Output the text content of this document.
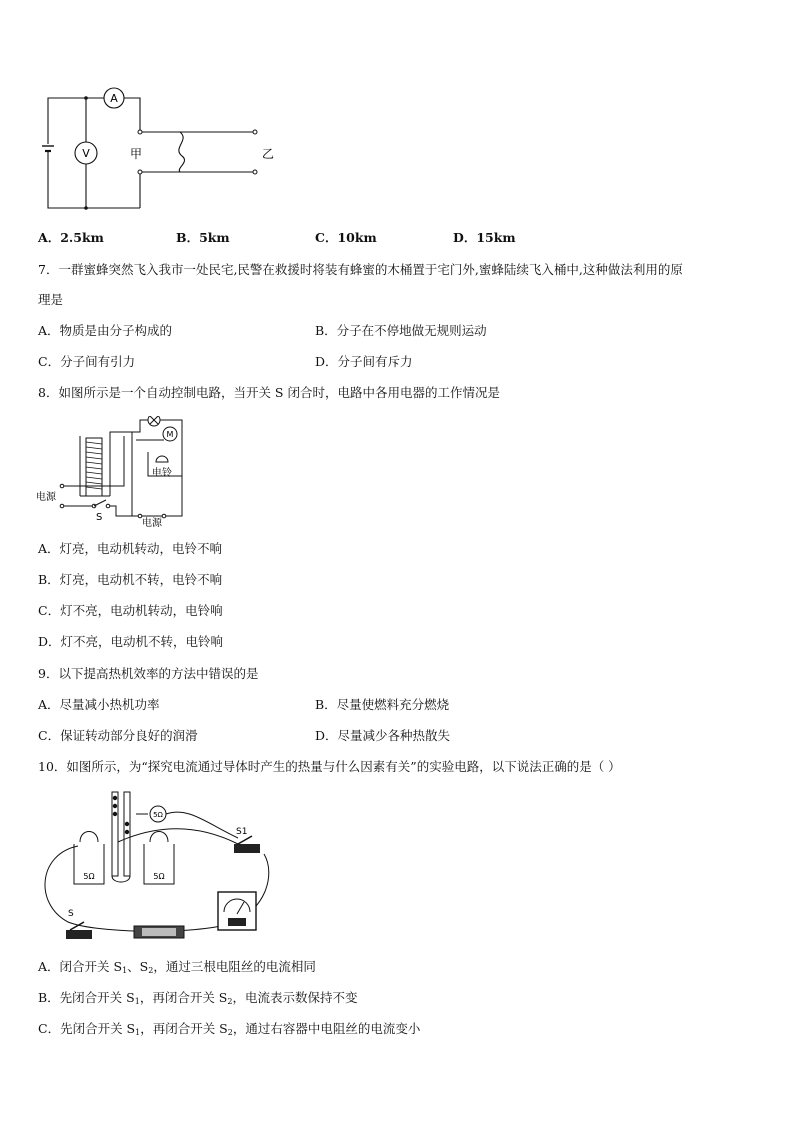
A
V	甲	乙
A．2.5km	B．5km	C．10km	D．15km
7．一群蜜蜂突然飞入我市一处民宅,民警在救援时将装有蜂蜜的木桶置于宅门外,蜜蜂陆续飞入桶中,这种做法利用的原
理是
A．物质是由分子构成的	B．分子在不停地做无规则运动
C．分子间有引力	D．分子间有斥力
8．如图所示是一个自动控制电路，当开关 S 闭合时，电路中各用电器的工作情况是
M
电铃
电源
S
电源
A．灯亮，电动机转动，电铃不响
B．灯亮，电动机不转，电铃不响
C．灯不亮，电动机转动，电铃响
D．灯不亮，电动机不转，电铃响
9．以下提高热机效率的方法中错误的是
A．尽量减小热机功率	B．尽量使燃料充分燃烧
C．保证转动部分良好的润滑	D．尽量减少各种热散失
10．如图所示，为“探究电流通过导体时产生的热量与什么因素有关”的实验电路，以下说法正确的是（ ）
5Ω
5Ω	5Ω
S1
S
A．闭合开关 $S_1$、$S_2$，通过三根电阻丝的电流相同
B．先闭合开关 $S_1$，再闭合开关 $S_2$，电流表示数保持不变
C．先闭合开关 $S_1$，再闭合开关 $S_2$，通过右容器中电阻丝的电流变小
